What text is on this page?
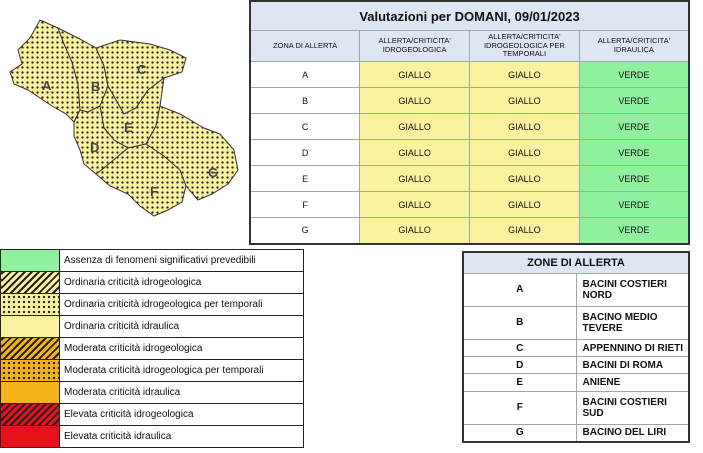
A	B
C
D
E
F
G
Valutazioni per DOMANI, 09/01/2023			
ZONA DI ALLERTA	ALLERTA/CRITICITA' IDROGEOLOGICA	ALLERTA/CRITICITA' IDROGEOLOGICA PER TEMPORALI	ALLERTA/CRITICITA' IDRAULICA
A	GIALLO	GIALLO	VERDE
B	GIALLO	GIALLO	VERDE
C	GIALLO	GIALLO	VERDE
D	GIALLO	GIALLO	VERDE
E	GIALLO	GIALLO	VERDE
F	GIALLO	GIALLO	VERDE
G	GIALLO	GIALLO	VERDE
	Assenza di fenomeni significativi prevedibili
	Ordinaria criticità idrogeologica
	Ordinaria criticità idrogeologica per temporali
	Ordinaria criticità idraulica
	Moderata criticità idrogeologica
	Moderata criticità idrogeologica per temporali
	Moderata criticità idraulica
	Elevata criticità idrogeologica
	Elevata criticità idraulica
ZONE DI ALLERTA	
A	BACINI COSTIERI NORD
B	BACINO MEDIO TEVERE
C	APPENNINO DI RIETI
D	BACINI DI ROMA
E	ANIENE
F	BACINI COSTIERI SUD
G	BACINO DEL LIRI
